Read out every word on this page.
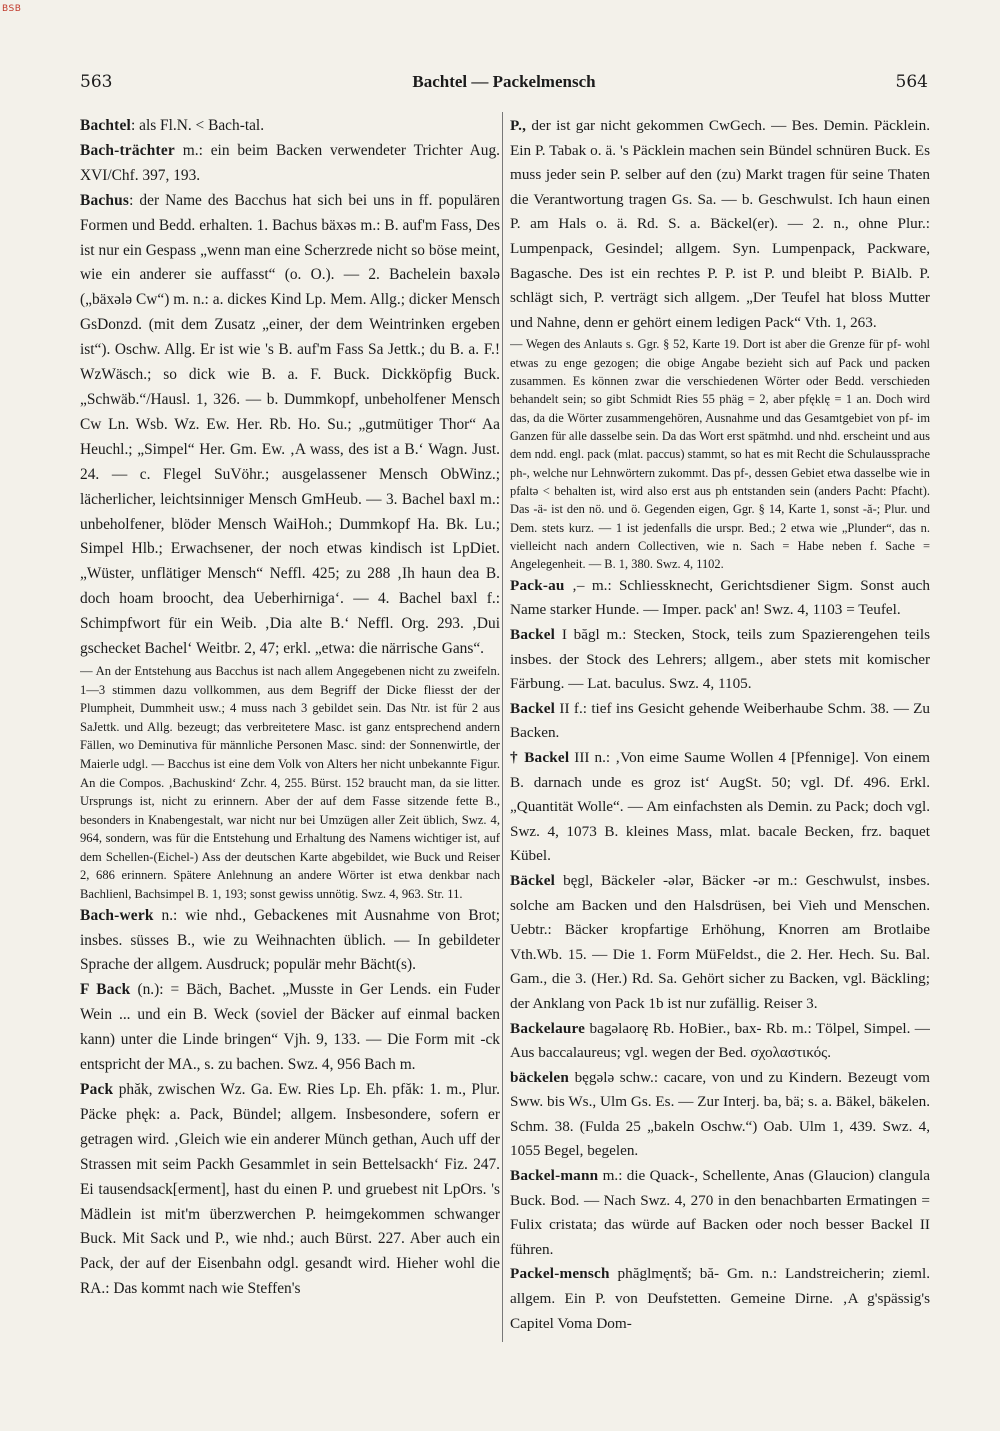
BSB
563	Bachtel — Packelmensch	564

Bachtel: als Fl.N. < Bach-tal.

Bach-trächter m.: ein beim Backen verwendeter Trichter Aug. XVI/Chf. 397, 193.

Bachus: der Name des Bacchus hat sich bei uns in ff. populären Formen und Bedd. erhalten. 1. Bachus bäxəs m.: B. auf'm Fass, Des ist nur ein Gespass „wenn man eine Scherzrede nicht so böse meint, wie ein anderer sie auffasst“ (o. O.). — 2. Bachelein baxələ („bäxələ Cw“) m. n.: a. dickes Kind Lp. Mem. Allg.; dicker Mensch GsDonzd. (mit dem Zusatz „einer, der dem Weintrinken ergeben ist“). Oschw. Allg. Er ist wie 's B. auf'm Fass Sa Jettk.; du B. a. F.! WzWäsch.; so dick wie B. a. F. Buck. Dickköpfig Buck. „Schwäb.“/Hausl. 1, 326. — b. Dummkopf, unbeholfener Mensch Cw Ln. Wsb. Wz. Ew. Her. Rb. Ho. Su.; „gutmütiger Thor“ Aa Heuchl.; „Simpel“ Her. Gm. Ew. ‚A wass, des ist a B.‘ Wagn. Just. 24. — c. Flegel SuVöhr.; ausgelassener Mensch ObWinz.; lächerlicher, leichtsinniger Mensch GmHeub. — 3. Bachel baxl m.: unbeholfener, blöder Mensch WaiHoh.; Dummkopf Ha. Bk. Lu.; Simpel Hlb.; Erwachsener, der noch etwas kindisch ist LpDiet. „Wüster, unflätiger Mensch“ Neffl. 425; zu 288 ‚Ih haun dea B. doch hoam broocht, dea Ueberhirniga‘. — 4. Bachel baxl f.: Schimpfwort für ein Weib. ‚Dia alte B.‘ Neffl. Org. 293. ‚Dui gschecket Bachel‘ Weitbr. 2, 47; erkl. „etwa: die närrische Gans“.

— An der Entstehung aus Bacchus ist nach allem Angegebenen nicht zu zweifeln. 1—3 stimmen dazu vollkommen, aus dem Begriff der Dicke fliesst der der Plumpheit, Dummheit usw.; 4 muss nach 3 gebildet sein. Das Ntr. ist für 2 aus SaJettk. und Allg. bezeugt; das verbreitetere Masc. ist ganz entsprechend andern Fällen, wo Deminutiva für männliche Personen Masc. sind: der Sonnenwirtle, der Maierle udgl. — Bacchus ist eine dem Volk von Alters her nicht unbekannte Figur. An die Compos. ‚Bachuskind‘ Zchr. 4, 255. Bürst. 152 braucht man, da sie litter. Ursprungs ist, nicht zu erinnern. Aber der auf dem Fasse sitzende fette B., besonders in Knabengestalt, war nicht nur bei Umzügen aller Zeit üblich, Swz. 4, 964, sondern, was für die Entstehung und Erhaltung des Namens wichtiger ist, auf dem Schellen-(Eichel-) Ass der deutschen Karte abgebildet, wie Buck und Reiser 2, 686 erinnern. Spätere Anlehnung an andere Wörter ist etwa denkbar nach Bachlienl, Bachsimpel B. 1, 193; sonst gewiss unnötig. Swz. 4, 963. Str. 11.

Bach-werk n.: wie nhd., Gebackenes mit Ausnahme von Brot; insbes. süsses B., wie zu Weihnachten üblich. — In gebildeter Sprache der allgem. Ausdruck; populär mehr Bächt(s).

F Back (n.): = Bäch, Bachet. „Musste in Ger Lends. ein Fuder Wein ... und ein B. Weck (soviel der Bäcker auf einmal backen kann) unter die Linde bringen“ Vjh. 9, 133. — Die Form mit -ck entspricht der MA., s. zu bachen. Swz. 4, 956 Bach m.

Pack phăk, zwischen Wz. Ga. Ew. Ries Lp. Eh. pfăk: 1. m., Plur. Päcke phęk: a. Pack, Bündel; allgem. Insbesondere, sofern er getragen wird. ‚Gleich wie ein anderer Münch gethan, Auch uff der Strassen mit seim Packh Gesammlet in sein Bettelsackh‘ Fiz. 247. Ei tausendsack[erment], hast du einen P. und gruebest nit LpOrs. 's Mädlein ist mit'm überzwerchen P. heimgekommen schwanger Buck. Mit Sack und P., wie nhd.; auch Bürst. 227. Aber auch ein Pack, der auf der Eisenbahn odgl. gesandt wird. Hieher wohl die RA.: Das kommt nach wie Steffen's

P., der ist gar nicht gekommen CwGech. — Bes. Demin. Päcklein. Ein P. Tabak o. ä. 's Päcklein machen sein Bündel schnüren Buck. Es muss jeder sein P. selber auf den (zu) Markt tragen für seine Thaten die Verantwortung tragen Gs. Sa. — b. Geschwulst. Ich haun einen P. am Hals o. ä. Rd. S. a. Bäckel(er). — 2. n., ohne Plur.: Lumpenpack, Gesindel; allgem. Syn. Lumpenpack, Packware, Bagasche. Des ist ein rechtes P. P. ist P. und bleibt P. BiAlb. P. schlägt sich, P. verträgt sich allgem. „Der Teufel hat bloss Mutter und Nahne, denn er gehört einem ledigen Pack“ Vth. 1, 263.

— Wegen des Anlauts s. Ggr. § 52, Karte 19. Dort ist aber die Grenze für pf- wohl etwas zu enge gezogen; die obige Angabe bezieht sich auf Pack und packen zusammen. Es können zwar die verschiedenen Wörter oder Bedd. verschieden behandelt sein; so gibt Schmidt Ries 55 phäg = 2, aber pfęklę = 1 an. Doch wird das, da die Wörter zusammengehören, Ausnahme und das Gesamtgebiet von pf- im Ganzen für alle dasselbe sein. Da das Wort erst spätmhd. und nhd. erscheint und aus dem ndd. engl. pack (mlat. paccus) stammt, so hat es mit Recht die Schulaussprache ph-, welche nur Lehnwörtern zukommt. Das pf-, dessen Gebiet etwa dasselbe wie in pfaltə < behalten ist, wird also erst aus ph entstanden sein (anders Pacht: Pfacht). Das -ä- ist den nö. und ö. Gegenden eigen, Ggr. § 14, Karte 1, sonst -ă-; Plur. und Dem. stets kurz. — 1 ist jedenfalls die urspr. Bed.; 2 etwa wie „Plunder“, das n. vielleicht nach andern Collectiven, wie n. Sach = Habe neben f. Sache = Angelegenheit. — B. 1, 380. Swz. 4, 1102.

Pack-au ‚– m.: Schliessknecht, Gerichtsdiener Sigm. Sonst auch Name starker Hunde. — Imper. pack' an! Swz. 4, 1103 = Teufel.

Backel I băgl m.: Stecken, Stock, teils zum Spazierengehen teils insbes. der Stock des Lehrers; allgem., aber stets mit komischer Färbung. — Lat. baculus. Swz. 4, 1105.

Backel II f.: tief ins Gesicht gehende Weiberhaube Schm. 38. — Zu Backen.

† Backel III n.: ‚Von eime Saume Wollen 4 [Pfennige]. Von einem B. darnach unde es groz ist‘ AugSt. 50; vgl. Df. 496. Erkl. „Quantität Wolle“. — Am einfachsten als Demin. zu Pack; doch vgl. Swz. 4, 1073 B. kleines Mass, mlat. bacale Becken, frz. baquet Kübel.

Bäckel bęgl, Bäckeler -ələr, Bäcker -ər m.: Geschwulst, insbes. solche am Backen und den Halsdrüsen, bei Vieh und Menschen. Uebtr.: Bäcker kropfartige Erhöhung, Knorren am Brotlaibe Vth.Wb. 15. — Die 1. Form MüFeldst., die 2. Her. Hech. Su. Bal. Gam., die 3. (Her.) Rd. Sa. Gehört sicher zu Backen, vgl. Bäckling; der Anklang von Pack 1b ist nur zufällig. Reiser 3.

Backelaure bagəlaorę Rb. HoBier., bax- Rb. m.: Tölpel, Simpel. — Aus baccalaureus; vgl. wegen der Bed. σχολαστικός.

bäckelen bęgələ schw.: cacare, von und zu Kindern. Bezeugt vom Sww. bis Ws., Ulm Gs. Es. — Zur Interj. ba, bä; s. a. Bäkel, bäkelen. Schm. 38. (Fulda 25 „bakeln Oschw.“) Oab. Ulm 1, 439. Swz. 4, 1055 Begel, begelen.

Backel-mann m.: die Quack-, Schellente, Anas (Glaucion) clangula Buck. Bod. — Nach Swz. 4, 270 in den benachbarten Ermatingen = Fulix cristata; das würde auf Backen oder noch besser Backel II führen.

Packel-mensch phăglmęntš; bă- Gm. n.: Landstreicherin; zieml. allgem. Ein P. von Deufstetten. Gemeine Dirne. ‚A g'spässig's Capitel Voma Dom-
